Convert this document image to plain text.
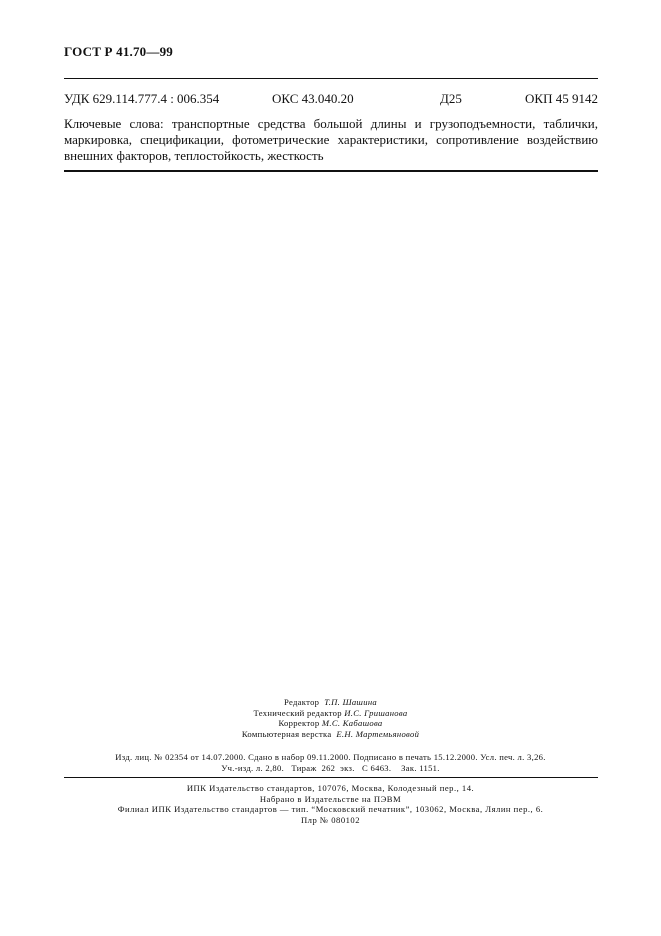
ГОСТ Р 41.70—99
УДК 629.114.777.4 : 006.354	ОКС 43.040.20	Д25	ОКП 45 9142
Ключевые слова: транспортные средства большой длины и грузоподъемности, таблички, маркировка, спецификации, фотометрические характеристики, сопротивление воздействию внешних факторов, теплостойкость, жесткость
Редактор Т.П. Шашина
Технический редактор И.С. Гришанова
Корректор М.С. Кабашова
Компьютерная верстка Е.Н. Мартемьяновой
Изд. лиц. № 02354 от 14.07.2000. Сдано в набор 09.11.2000. Подписано в печать 15.12.2000. Усл. печ. л. 3,26.
Уч.-изд. л. 2,80.   Тираж  262  экз.   С 6463.    Зак. 1151.
ИПК Издательство стандартов, 107076, Москва, Колодезный пер., 14.
Набрано в Издательстве на ПЭВМ
Филиал ИПК Издательство стандартов — тип. “Московский печатник”, 103062, Москва, Лялин пер., 6.
Плр № 080102
